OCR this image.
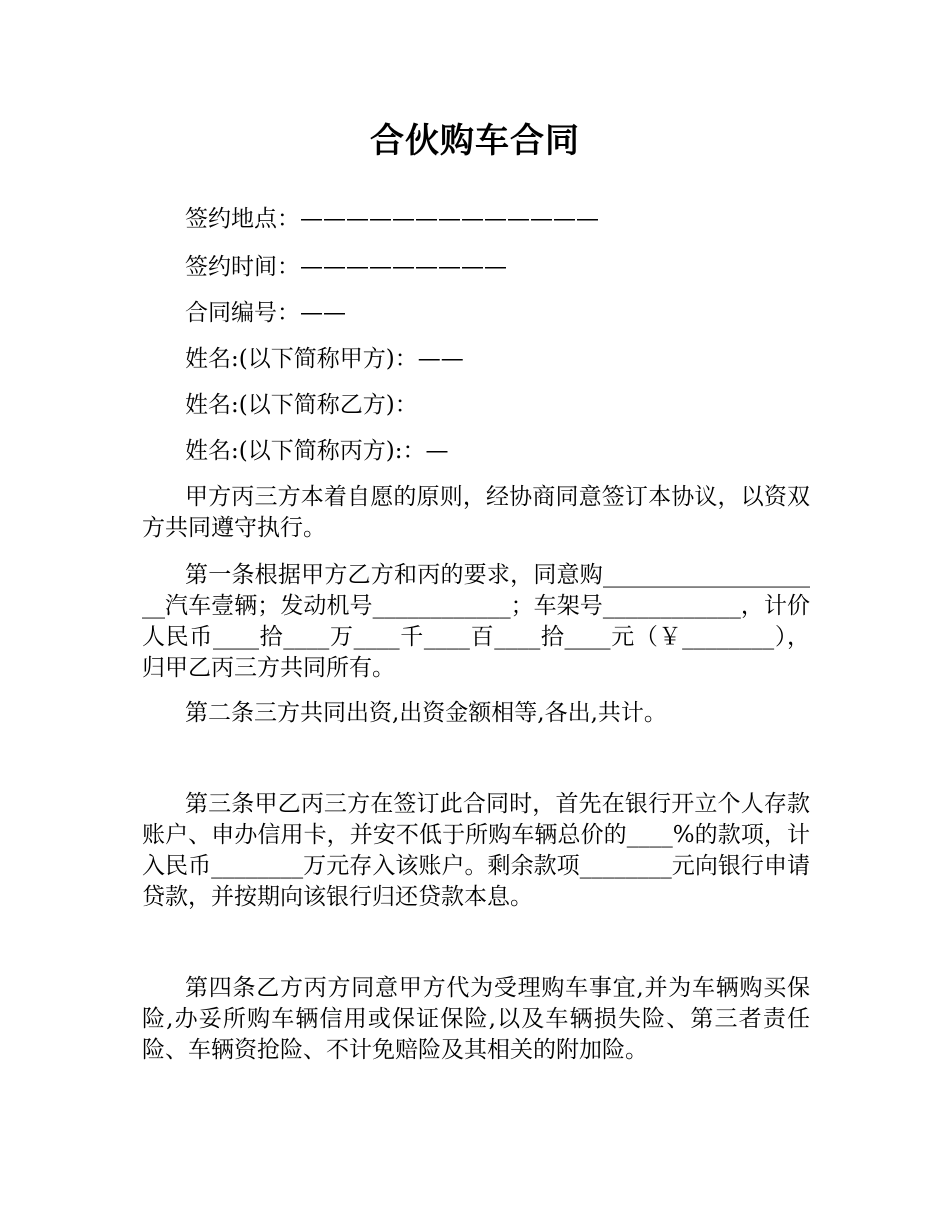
合伙购车合同
签约地点：—————————————
签约时间：—————————
合同编号：——
姓名:(以下简称甲方)：——
姓名:(以下简称乙方)：
姓名:(以下简称丙方):：—
甲方丙三方本着自愿的原则，经协商同意签订本协议，以资双方共同遵守执行。
第一条根据甲方乙方和丙的要求，同意购____________________汽车壹辆；发动机号____________；车架号____________，计价人民币____拾____万____千____百____拾____元（￥________），归甲乙丙三方共同所有。
第二条三方共同出资,出资金额相等,各出,共计。
第三条甲乙丙三方在签订此合同时，首先在银行开立个人存款账户、申办信用卡，并安不低于所购车辆总价的____%的款项，计入民币________万元存入该账户。剩余款项________元向银行申请贷款，并按期向该银行归还贷款本息。
第四条乙方丙方同意甲方代为受理购车事宜,并为车辆购买保险,办妥所购车辆信用或保证保险,以及车辆损失险、第三者责任险、车辆资抢险、不计免赔险及其相关的附加险。
